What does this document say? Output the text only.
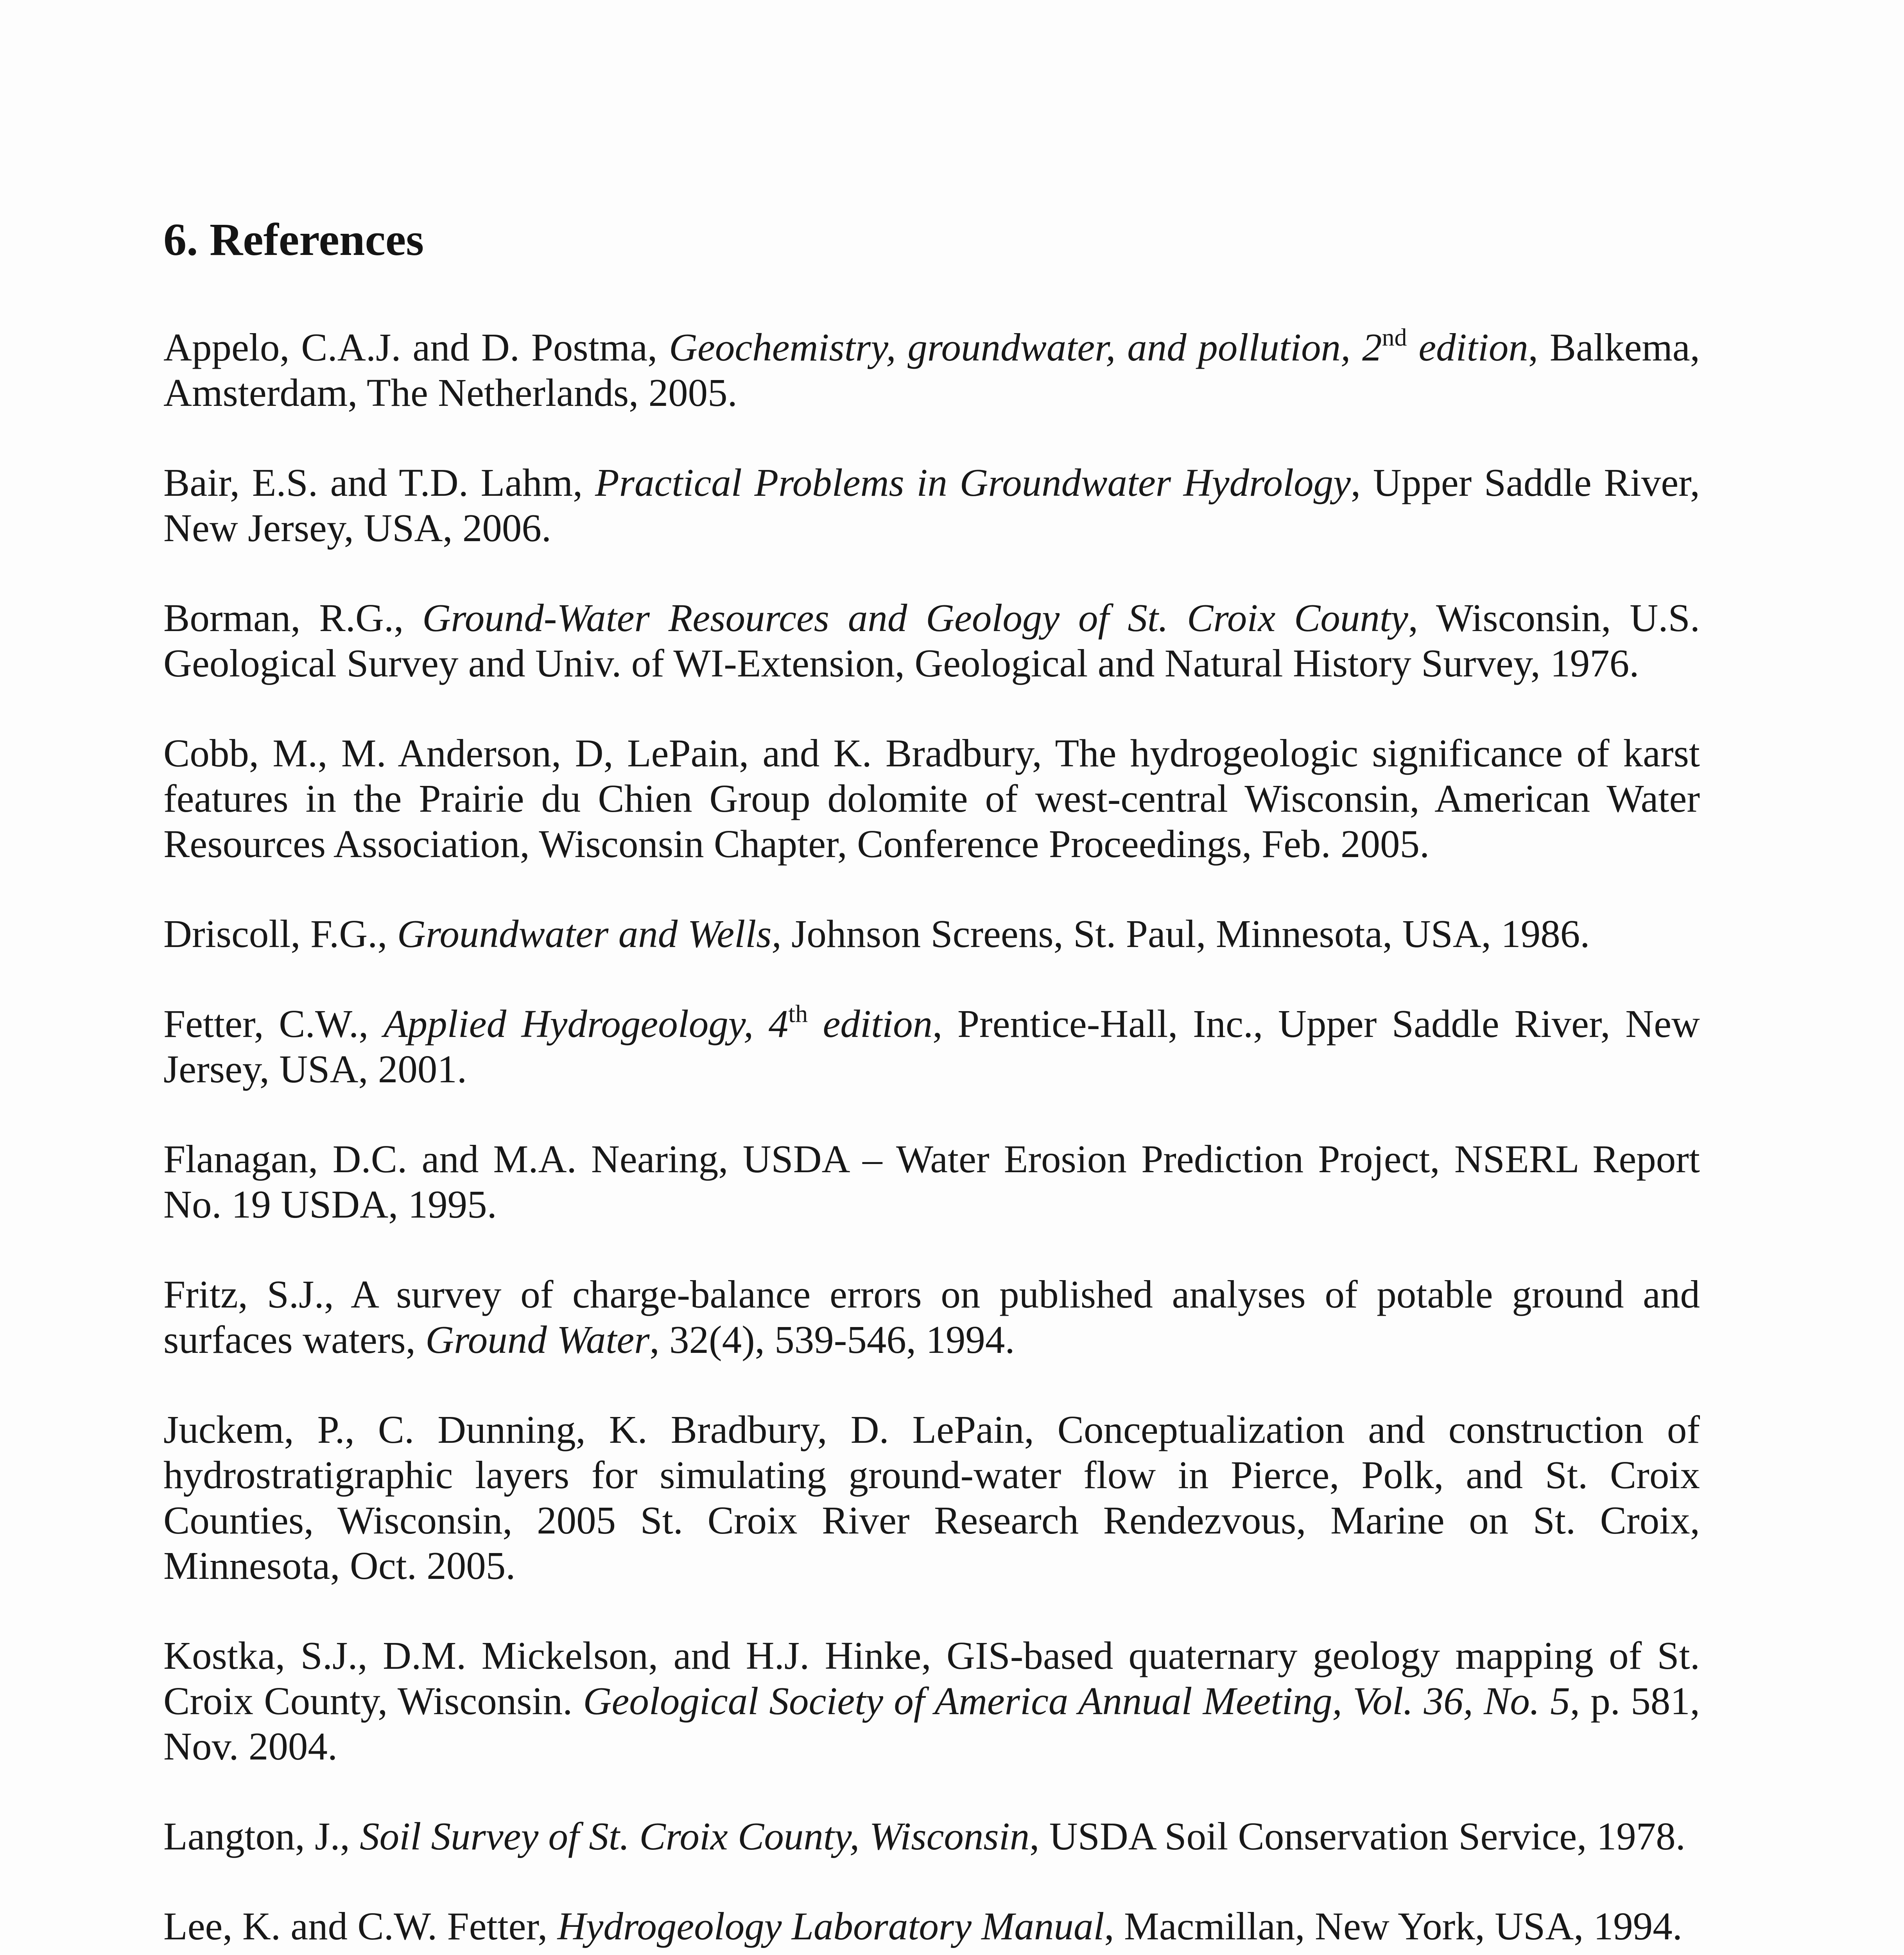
6. References

Appelo, C.A.J. and D. Postma, Geochemistry, groundwater, and pollution, 2nd edition, Balkema, Amsterdam, The Netherlands, 2005.

Bair, E.S. and T.D. Lahm, Practical Problems in Groundwater Hydrology, Upper Saddle River, New Jersey, USA, 2006.

Borman, R.G., Ground-Water Resources and Geology of St. Croix County, Wisconsin, U.S. Geological Survey and Univ. of WI-Extension, Geological and Natural History Survey, 1976.

Cobb, M., M. Anderson, D, LePain, and K. Bradbury, The hydrogeologic significance of karst features in the Prairie du Chien Group dolomite of west-central Wisconsin, American Water Resources Association, Wisconsin Chapter, Conference Proceedings, Feb. 2005.

Driscoll, F.G., Groundwater and Wells, Johnson Screens, St. Paul, Minnesota, USA, 1986.

Fetter, C.W., Applied Hydrogeology, 4th edition, Prentice-Hall, Inc., Upper Saddle River, New Jersey, USA, 2001.

Flanagan, D.C. and M.A. Nearing, USDA – Water Erosion Prediction Project, NSERL Report No. 19 USDA, 1995.

Fritz, S.J., A survey of charge-balance errors on published analyses of potable ground and surfaces waters, Ground Water, 32(4), 539-546, 1994.

Juckem, P., C. Dunning, K. Bradbury, D. LePain, Conceptualization and construction of hydrostratigraphic layers for simulating ground-water flow in Pierce, Polk, and St. Croix Counties, Wisconsin, 2005 St. Croix River Research Rendezvous, Marine on St. Croix, Minnesota, Oct. 2005.

Kostka, S.J., D.M. Mickelson, and H.J. Hinke, GIS-based quaternary geology mapping of St. Croix County, Wisconsin. Geological Society of America Annual Meeting, Vol. 36, No. 5, p. 581, Nov. 2004.

Langton, J., Soil Survey of St. Croix County, Wisconsin, USDA Soil Conservation Service, 1978.

Lee, K. and C.W. Fetter, Hydrogeology Laboratory Manual, Macmillan, New York, USA, 1994.
